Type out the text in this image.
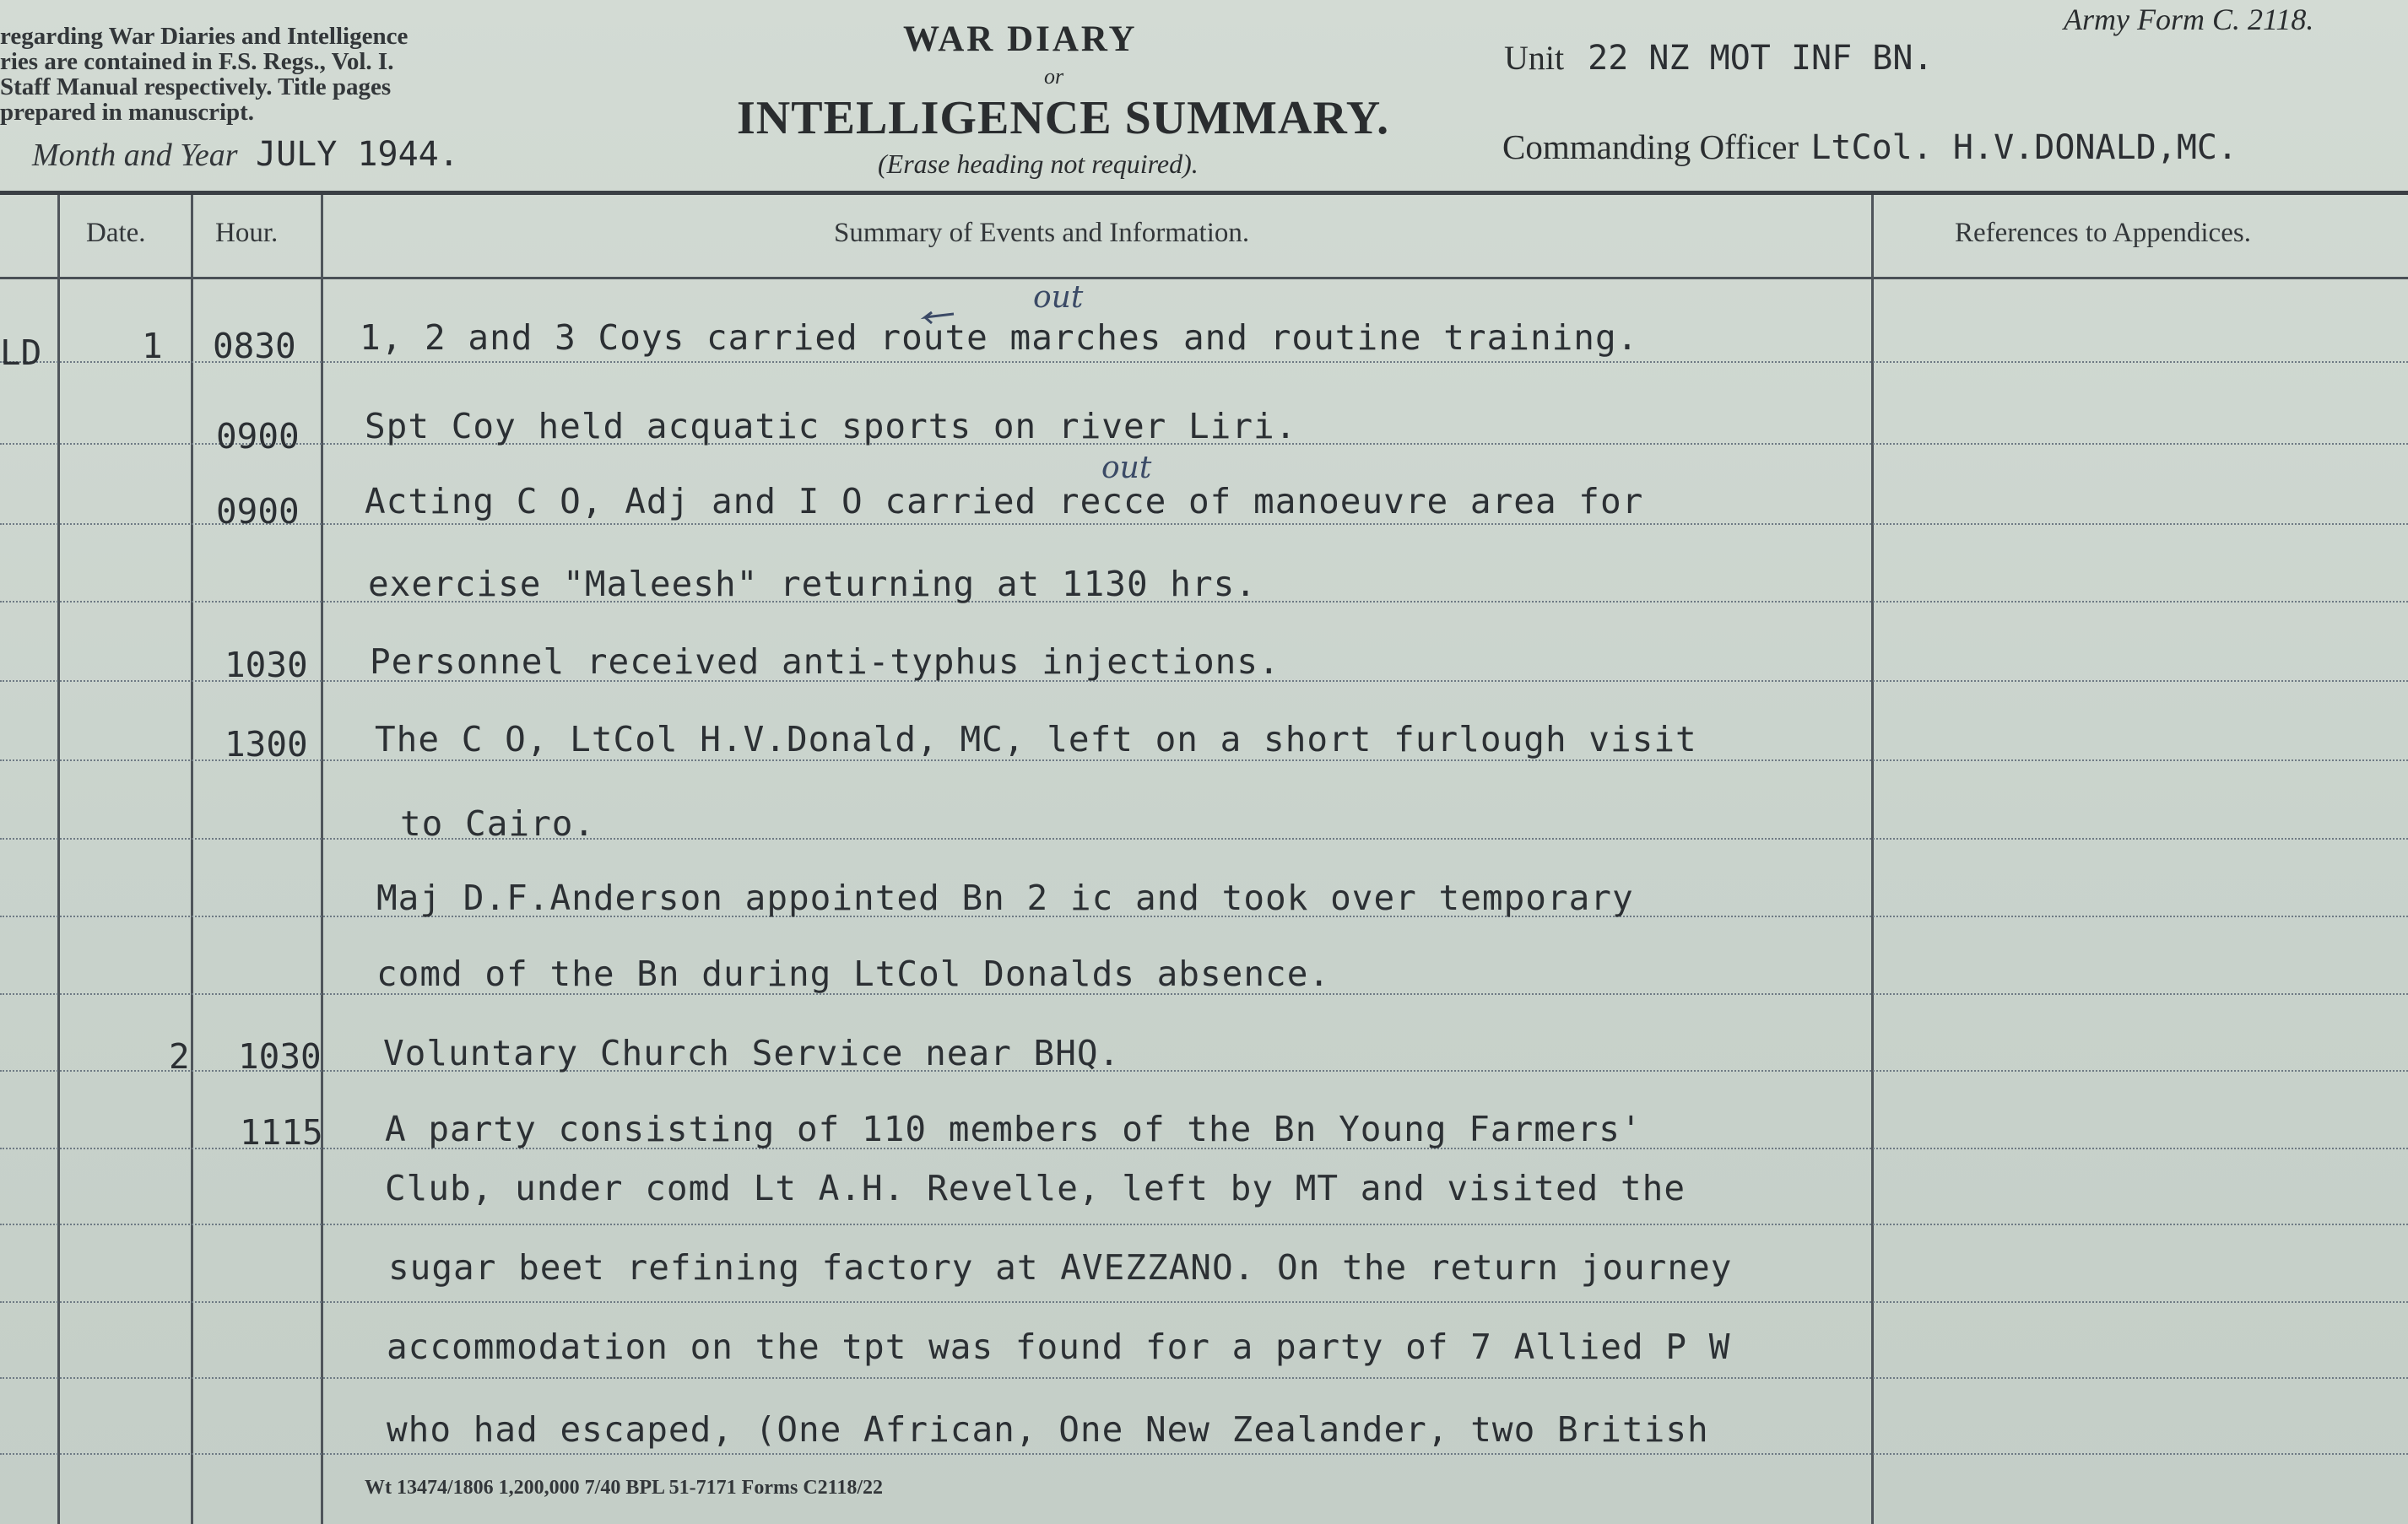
regarding War Diaries and Intelligence
ries are contained in F.S. Regs., Vol. I.
Staff Manual respectively. Title pages
prepared in manuscript.
Month and Year JULY 1944.
WAR DIARY
or
INTELLIGENCE SUMMARY.
(Erase heading not required).
Army Form C. 2118.
Unit 22 NZ MOT INF BN.
Commanding Officer LtCol. H.V.DONALD,MC.
Date. Hour.	Summary of Events and Information.	References to Appendices.
LD	1 0830 1, 2 and 3 Coys carried route marches and routine training.
out
0900 Spt Coy held acquatic sports on river Liri.
0900 Acting C O, Adj and I O carried recce of manoeuvre area for
out
exercise "Maleesh" returning at 1130 hrs.
1030 Personnel received anti-typhus injections.
1300 The C O, LtCol H.V.Donald, MC, left on a short furlough visit
to Cairo.
Maj D.F.Anderson appointed Bn 2 ic and took over temporary
comd of the Bn during LtCol Donalds absence.
2 1030 Voluntary Church Service near BHQ.
1115 A party consisting of 110 members of the Bn Young Farmers'
Club, under comd Lt A.H. Revelle, left by MT and visited the
sugar beet refining factory at AVEZZANO. On the return journey
accommodation on the tpt was found for a party of 7 Allied P W
who had escaped, (One African, One New Zealander, two British
Wt 13474/1806 1,200,000 7/40 BPL 51-7171 Forms C2118/22
